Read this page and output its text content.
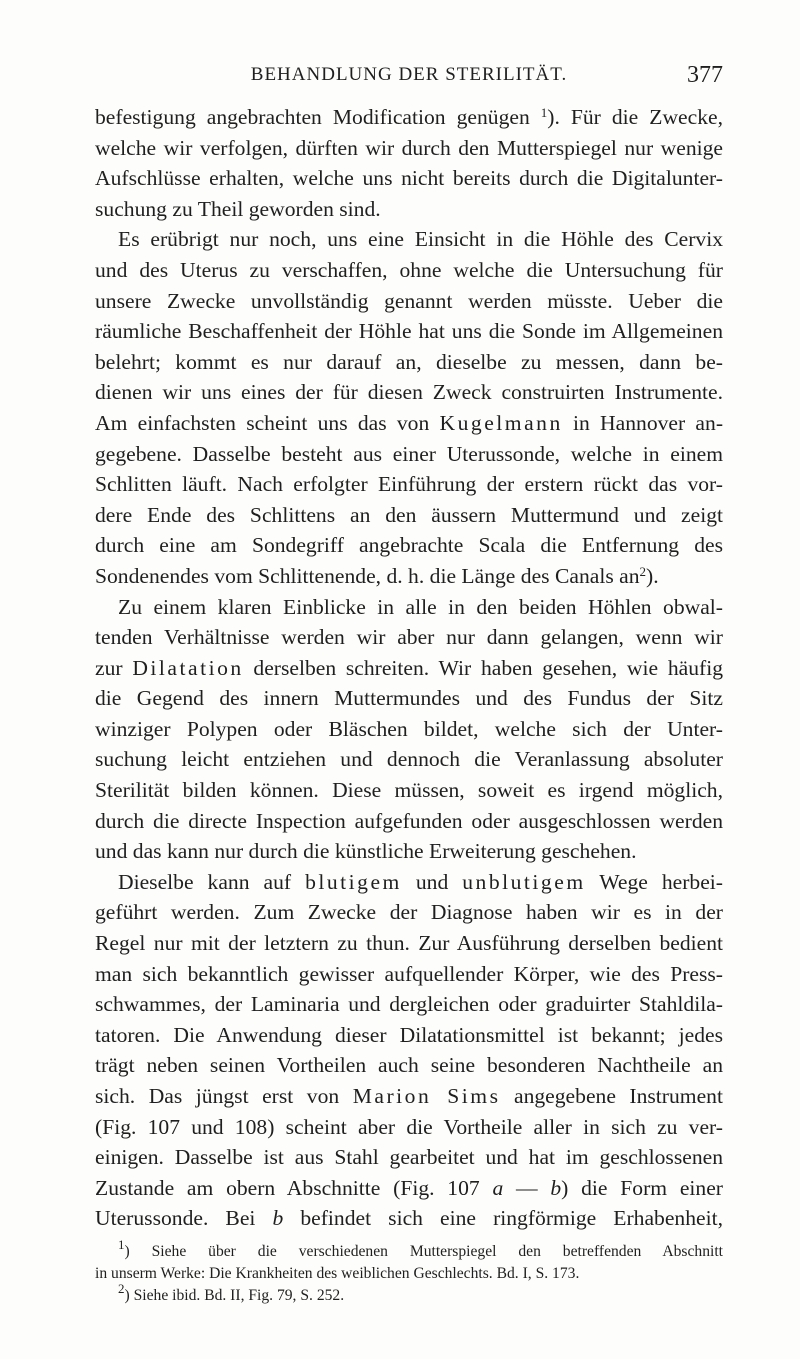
BEHANDLUNG DER STERILITÄT.	377
befestigung angebrachten Modification genügen $^1$). Für die Zwecke,
welche wir verfolgen, dürften wir durch den Mutterspiegel nur wenige
Aufschlüsse erhalten, welche uns nicht bereits durch die Digitalunter-
suchung zu Theil geworden sind.
Es erübrigt nur noch, uns eine Einsicht in die Höhle des Cervix
und des Uterus zu verschaffen, ohne welche die Untersuchung für
unsere Zwecke unvollständig genannt werden müsste. Ueber die
räumliche Beschaffenheit der Höhle hat uns die Sonde im Allgemeinen
belehrt; kommt es nur darauf an, dieselbe zu messen, dann be-
dienen wir uns eines der für diesen Zweck construirten Instrumente.
Am einfachsten scheint uns das von Kugelmann in Hannover an-
gegebene. Dasselbe besteht aus einer Uterussonde, welche in einem
Schlitten läuft. Nach erfolgter Einführung der erstern rückt das vor-
dere Ende des Schlittens an den äussern Muttermund und zeigt
durch eine am Sondegriff angebrachte Scala die Entfernung des
Sondenendes vom Schlittenende, d. h. die Länge des Canals $an^2$).
Zu einem klaren Einblicke in alle in den beiden Höhlen obwal-
tenden Verhältnisse werden wir aber nur dann gelangen, wenn wir
zur Dilatation derselben schreiten. Wir haben gesehen, wie häufig
die Gegend des innern Muttermundes und des Fundus der Sitz
winziger Polypen oder Bläschen bildet, welche sich der Unter-
suchung leicht entziehen und dennoch die Veranlassung absoluter
Sterilität bilden können. Diese müssen, soweit es irgend möglich,
durch die directe Inspection aufgefunden oder ausgeschlossen werden
und das kann nur durch die künstliche Erweiterung geschehen.
Dieselbe kann auf blutigem und unblutigem Wege herbei-
geführt werden. Zum Zwecke der Diagnose haben wir es in der
Regel nur mit der letztern zu thun. Zur Ausführung derselben bedient
man sich bekanntlich gewisser aufquellender Körper, wie des Press-
schwammes, der Laminaria und dergleichen oder graduirter Stahldila-
tatoren. Die Anwendung dieser Dilatationsmittel ist bekannt; jedes
trägt neben seinen Vortheilen auch seine besonderen Nachtheile an
sich. Das jüngst erst von Marion Sims angegebene Instrument
(Fig. 107 und 108) scheint aber die Vortheile aller in sich zu ver-
einigen. Dasselbe ist aus Stahl gearbeitet und hat im geschlossenen
Zustande am obern Abschnitte (Fig. 107 a — b) die Form einer
Uterussonde. Bei b befindet sich eine ringförmige Erhabenheit,
$^1$) Siehe über die verschiedenen Mutterspiegel den betreffenden Abschnitt
in unserm Werke: Die Krankheiten des weiblichen Geschlechts. Bd. I, S. 173.
$^2$) Siehe ibid. Bd. II, Fig. 79, S. 252.
